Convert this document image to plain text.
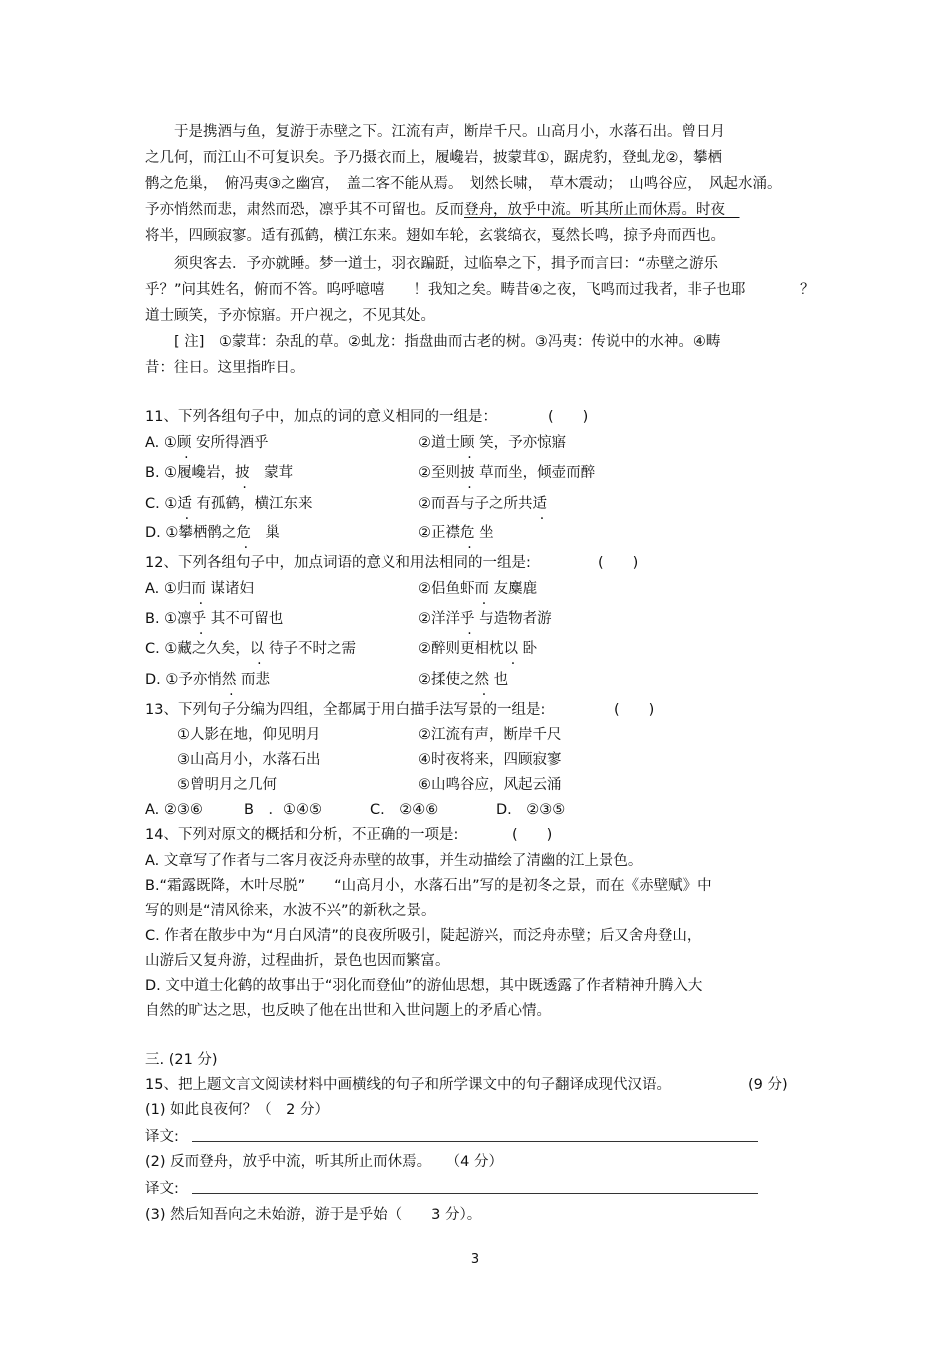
于是携酒与鱼，复游于赤壁之下。江流有声，断岸千尺。山高月小，水落石出。曾日月
之几何，而江山不可复识矣。予乃摄衣而上，履巉岩，披蒙茸①，踞虎豹，登虬龙②，攀栖
鹘之危巢，　俯冯夷③之幽宫，　盖二客不能从焉。　划然长啸，　草木震动；　山鸣谷应，　风起水涌。
予亦悄然而悲，肃然而恐，凛乎其不可留也。反而登舟，放乎中流。听其所止而休焉。时夜　
将半，四顾寂寥。适有孤鹤，横江东来。翅如车轮，玄裳缟衣，戛然长鸣，掠予舟而西也。
须臾客去．予亦就睡。梦一道士，羽衣蹁跹，过临皋之下，揖予而言曰：“赤壁之游乐
乎？”问其姓名，俯而不答。呜呼噫嘻　　！我知之矣。畴昔④之夜，飞鸣而过我者，非子也耶	？
道士顾笑，予亦惊寤。开户视之，不见其处。
[ 注]　①蒙茸：杂乱的草。②虬龙：指盘曲而古老的树。③冯夷：传说中的水神。④畴
昔：往日。这里指昨日。
11、下列各组句子中，加点的词的意义相同的一组是：	(　　)
A. ①顾 安所得酒乎	②道士顾 笑，予亦惊寤
B. ①履巉岩，披　蒙茸	②至则披 草而坐，倾壶而醉
C. ①适 有孤鹤，横江东来	②而吾与子之所共适
D. ①攀栖鹘之危　巢	②正襟危 坐
12、下列各组句子中，加点词语的意义和用法相同的一组是:	(　　)
A. ①归而 谋诸妇	②侣鱼虾而 友麋鹿
B. ①凛乎 其不可留也	②洋洋乎 与造物者游
C. ①藏之久矣，以 待子不时之需	②醉则更相枕以 卧
D. ①予亦悄然 而悲	②揉使之然 也
13、下列句子分编为四组，全都属于用白描手法写景的一组是:	(　　)
①人影在地，仰见明月	②江流有声，断岸千尺
③山高月小，水落石出	④时夜将来，四顾寂寥
⑤曾明月之几何	⑥山鸣谷应，风起云涌
A. ②③⑥	B　 ．①④⑤	C.　 ②④⑥	D.　 ②③⑤
14、下列对原文的概括和分析，不正确的一项是:	(　　)
A. 文章写了作者与二客月夜泛舟赤壁的故事，并生动描绘了清幽的江上景色。
B.“霜露既降，木叶尽脱”　　“山高月小，水落石出”写的是初冬之景，而在《赤壁赋》中
写的则是“清风徐来，水波不兴”的新秋之景。
C. 作者在散步中为“月白风清”的良夜所吸引，陡起游兴，而泛舟赤壁；后又舍舟登山，
山游后又复舟游，过程曲折，景色也因而繁富。
D. 文中道士化鹤的故事出于“羽化而登仙”的游仙思想，其中既透露了作者精神升腾入大
自然的旷达之思，也反映了他在出世和入世问题上的矛盾心情。
三. (21 分)
15、把上题文言文阅读材料中画横线的句子和所学课文中的句子翻译成现代汉语。	(9 分)
(1) 如此良夜何？（　2 分）
译文:
(2) 反而登舟，放乎中流，听其所止而休焉。　　（4 分）
译文:
(3) 然后知吾向之未始游，游于是乎始（　　3 分）。
3
